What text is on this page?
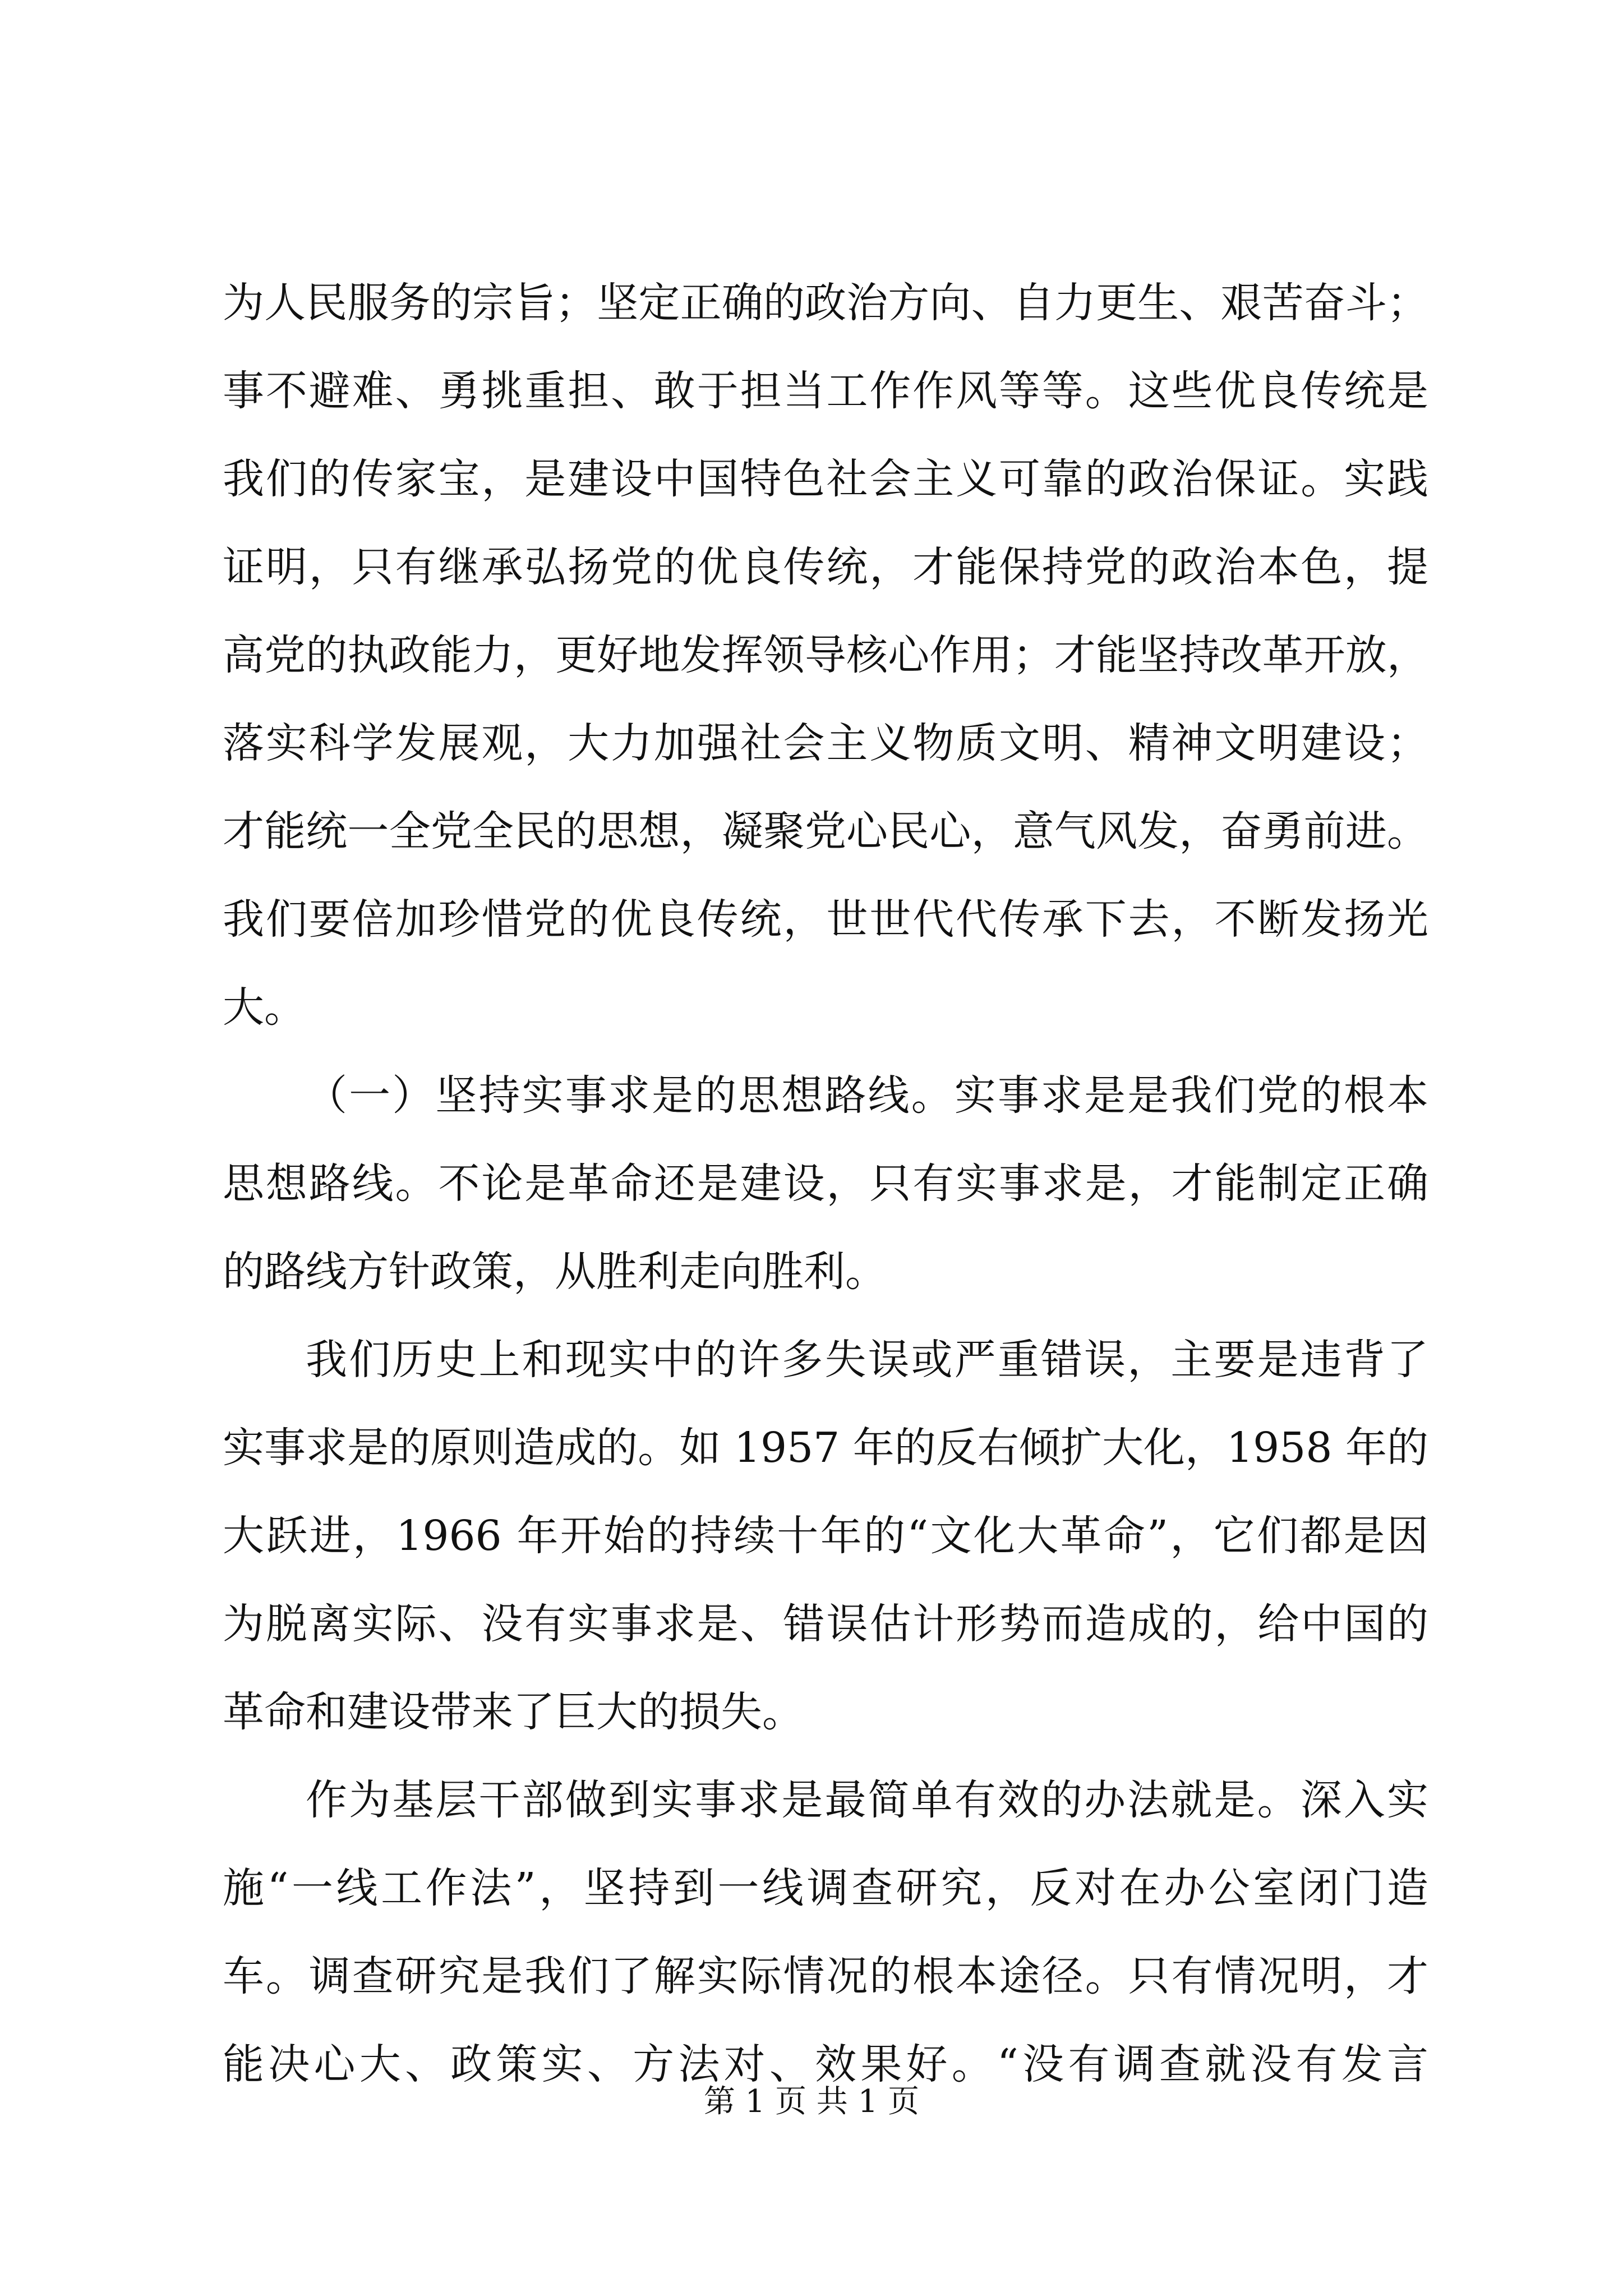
为人民服务的宗旨；坚定正确的政治方向、自力更生、艰苦奋斗；
事不避难、勇挑重担、敢于担当工作作风等等。这些优良传统是
我们的传家宝，是建设中国特色社会主义可靠的政治保证。实践
证明，只有继承弘扬党的优良传统，才能保持党的政治本色，提
高党的执政能力，更好地发挥领导核心作用；才能坚持改革开放，
落实科学发展观，大力加强社会主义物质文明、精神文明建设；
才能统一全党全民的思想，凝聚党心民心，意气风发，奋勇前进。
我们要倍加珍惜党的优良传统，世世代代传承下去，不断发扬光
大。
（一）坚持实事求是的思想路线。实事求是是我们党的根本
思想路线。不论是革命还是建设，只有实事求是，才能制定正确
的路线方针政策，从胜利走向胜利。
我们历史上和现实中的许多失误或严重错误，主要是违背了
实事求是的原则造成的。如 1957 年的反右倾扩大化，1958 年的
大跃进，1966 年开始的持续十年的“文化大革命”，它们都是因
为脱离实际、没有实事求是、错误估计形势而造成的，给中国的
革命和建设带来了巨大的损失。
作为基层干部做到实事求是最简单有效的办法就是。深入实
施“一线工作法”，坚持到一线调查研究，反对在办公室闭门造
车。调查研究是我们了解实际情况的根本途径。只有情况明，才
能决心大、政策实、方法对、效果好。“没有调查就没有发言
第 1 页 共 1 页
